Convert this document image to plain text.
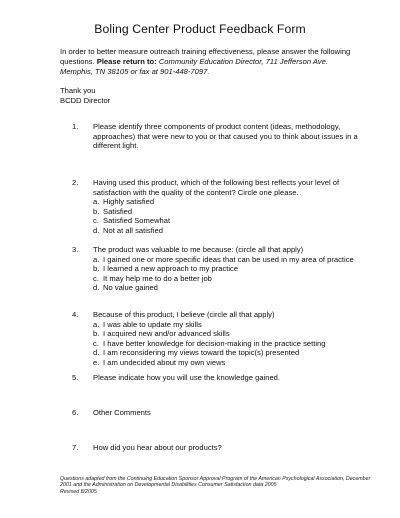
Boling Center Product Feedback Form
In order to better measure outreach training effectiveness, please answer the following questions. Please return to: Community Education Director, 711 Jefferson Ave. Memphis, TN 38105 or fax at 901-448-7097.
Thank you
BCDD Director
1. Please identify three components of product content (ideas, methodology, approaches) that were new to you or that caused you to think about issues in a different light.
2. Having used this product, which of the following best reflects your level of satisfaction with the quality of the content? Circle one please.
a. Highly satisfied
b. Satisfied
c. Satisfied Somewhat
d. Not at all satisfied
3. The product was valuable to me because: (circle all that apply)
a. I gained one or more specific ideas that can be used in my area of practice
b. I learned a new approach to my practice
c. It may help me to do a better job
d. No value gained
4. Because of this product, I believe (circle all that apply)
a. I was able to update my skills
b. I acquired new and/or advanced skills
c. I have better knowledge for decision-making in the practice setting
d. I am reconsidering my views toward the topic(s) presented
e. I am undecided about my own views
5. Please indicate how you will use the knowledge gained.
6. Other Comments
7. How did you hear about our products?
Questions adapted from the Continuing Education Sponsor Approval Program of the American Psychological Association, December 2001 and the Administration on Developmental Disabilities Consumer Satisfaction data 2005
Revised 8/2005
